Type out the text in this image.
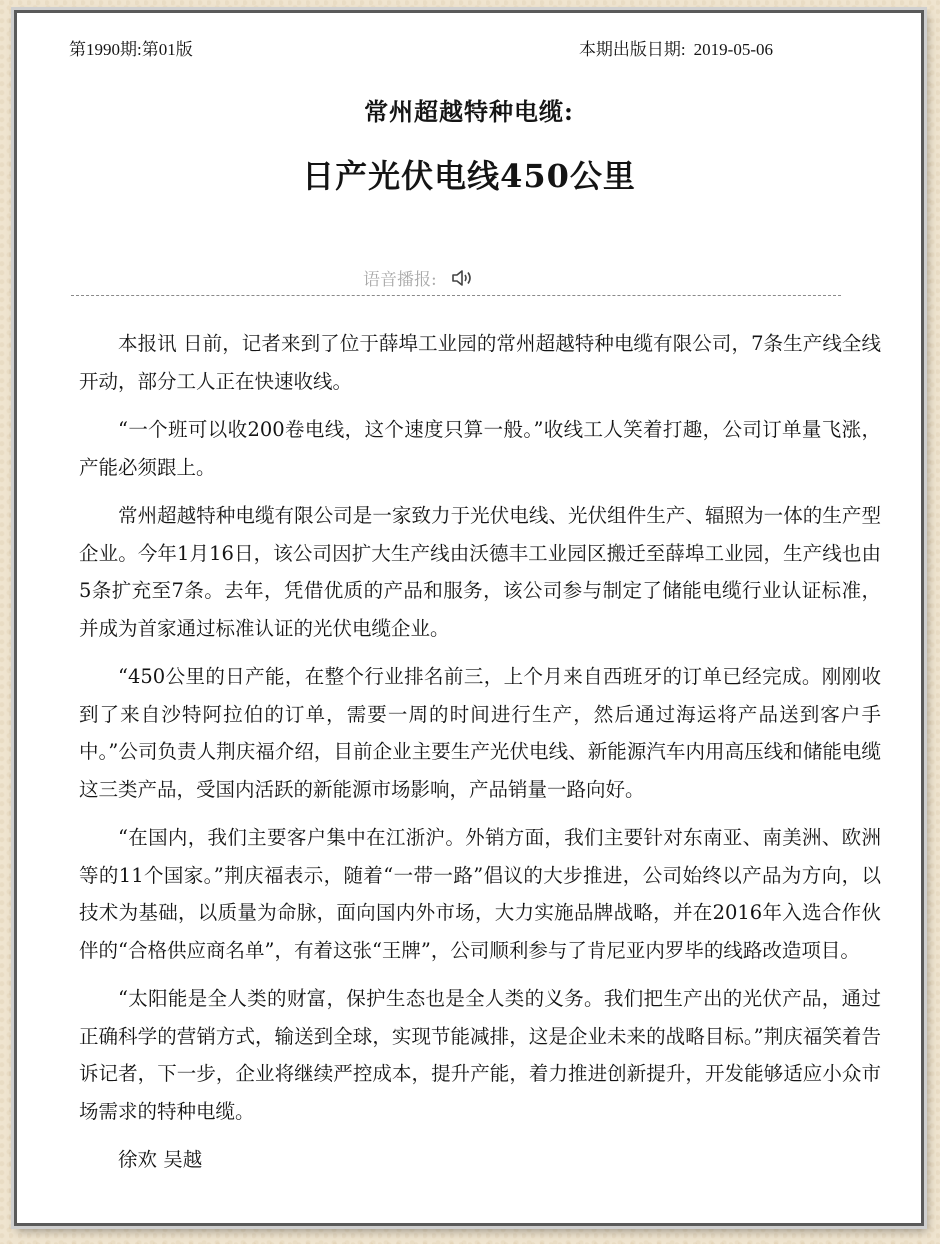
第1990期:第01版	本期出版日期: 2019-05-06
常州超越特种电缆:
日产光伏电线450公里
语音播报:

本报讯 日前，记者来到了位于薛埠工业园的常州超越特种电缆有限公司，7条生产线全线开动，部分工人正在快速收线。

“一个班可以收200卷电线，这个速度只算一般。”收线工人笑着打趣，公司订单量飞涨，产能必须跟上。

常州超越特种电缆有限公司是一家致力于光伏电线、光伏组件生产、辐照为一体的生产型企业。今年1月16日，该公司因扩大生产线由沃德丰工业园区搬迁至薛埠工业园，生产线也由5条扩充至7条。去年，凭借优质的产品和服务，该公司参与制定了储能电缆行业认证标准，并成为首家通过标准认证的光伏电缆企业。

“450公里的日产能，在整个行业排名前三，上个月来自西班牙的订单已经完成。刚刚收到了来自沙特阿拉伯的订单，需要一周的时间进行生产，然后通过海运将产品送到客户手中。”公司负责人荆庆福介绍，目前企业主要生产光伏电线、新能源汽车内用高压线和储能电缆这三类产品，受国内活跃的新能源市场影响，产品销量一路向好。

“在国内，我们主要客户集中在江浙沪。外销方面，我们主要针对东南亚、南美洲、欧洲等的11个国家。”荆庆福表示，随着“一带一路”倡议的大步推进，公司始终以产品为方向，以技术为基础，以质量为命脉，面向国内外市场，大力实施品牌战略，并在2016年入选合作伙伴的“合格供应商名单”，有着这张“王牌”，公司顺利参与了肯尼亚内罗毕的线路改造项目。

“太阳能是全人类的财富，保护生态也是全人类的义务。我们把生产出的光伏产品，通过正确科学的营销方式，输送到全球，实现节能减排，这是企业未来的战略目标。”荆庆福笑着告诉记者，下一步，企业将继续严控成本，提升产能，着力推进创新提升，开发能够适应小众市场需求的特种电缆。

徐欢 吴越
